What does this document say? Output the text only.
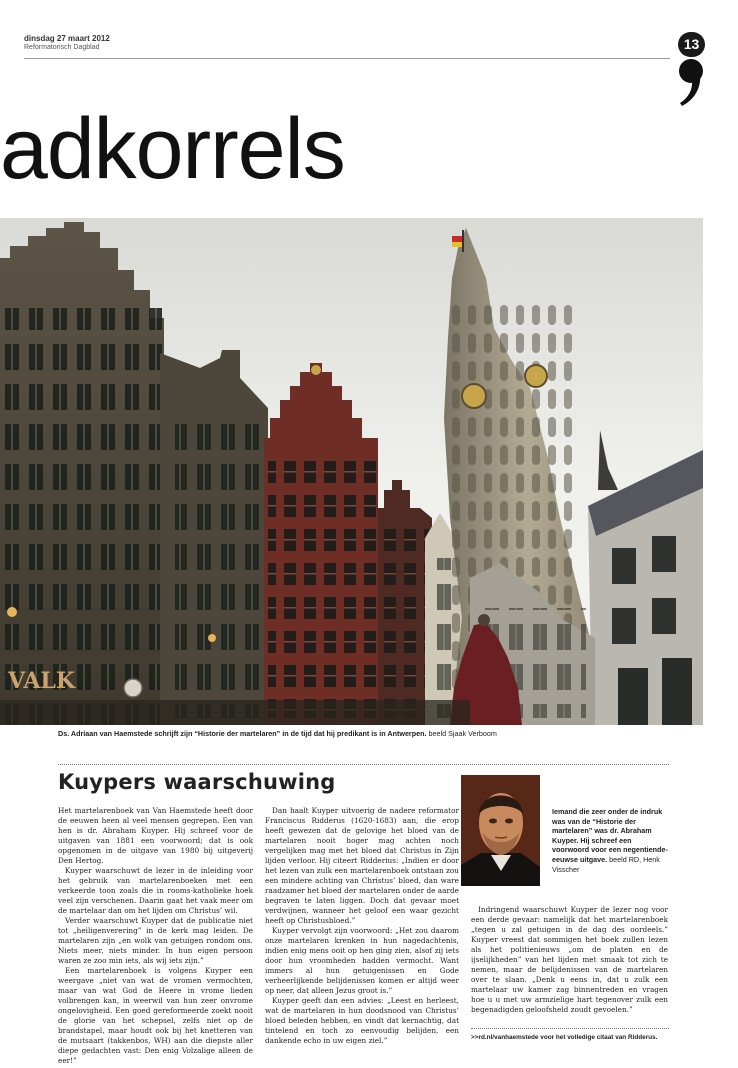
dinsdag 27 maart 2012
Reformatorisch Dagblad	13
adkorrels
VALK
Ds. Adriaan van Haemstede schrijft zijn “Historie der martelaren” in de tijd dat hij predikant is in Antwerpen. beeld Sjaak Verboom
Kuypers waarschuwing

Het martelarenboek van Van Haemstede heeft door de eeuwen heen al veel mensen gegrepen. Een van hen is dr. Abraham Kuyper. Hij schreef voor de uitgaven van 1881 een voorwoord; dat is ook opgenomen in de uitgave van 1980 bij uitgeverij Den Hertog.

Kuyper waarschuwt de lezer in de inleiding voor het gebruik van martelarenboeken met een verkeerde toon zoals die in rooms-katholieke hoek veel zijn verschenen. Daarin gaat het vaak meer om de martelaar dan om het lijden om Christus’ wil.

Verder waarschuwt Kuyper dat de publicatie niet tot „heiligenverering” in de kerk mag leiden. De martelaren zijn „en wolk van getuigen rondom ons. Niets meer, niets minder. In hun eigen persoon waren ze zoo min iets, als wij iets zijn.”

Een martelarenboek is volgens Kuyper een weergave „niet van wat de vromen vermochten, maar van wat God de Heere in vrome lieden volbrengen kan, in weerwil van hun zeer onvrome ongelovigheid. Een goed gereformeerde zoekt nooit de glorie van het schepsel, zelfs niet op de brandstapel, maar houdt ook bij het knetteren van de mutsaart (takkenbos, WH) aan die diepste aller diepe gedachten vast: Den enig Volzalige alleen de eer!”

Dan haalt Kuyper uitvoerig de nadere reformator Franciscus Ridderus (1620-1683) aan, die erop heeft gewezen dat de gelovige het bloed van de martelaren nooit hoger mag achten noch vergelijken mag met het bloed dat Christus in Zijn lijden verloor. Hij citeert Ridderius: „Indien er door het lezen van zulk een martelarenboek ontstaan zou een mindere achting van Christus’ bloed, dan ware raadzamer het bloed der martelaren onder de aarde begraven te laten liggen. Doch dat gevaar moet verdwijnen, wanneer het geloof een waar gezicht heeft op Christusbloed.”

Kuyper vervolgt zijn voorwoord: „Het zou daarom onze martelaren krenken in hun nagedachtenis, indien enig mens ooit op hen ging zien, alsof zij iets door hun vroomheden hadden vermocht. Want immers al hun getuigenissen en Gode verheerlijkende belijdenissen komen er altijd weer op neer, dat alleen Jezus groot is.”

Kuyper geeft dan een advies: „Leest en herleest, wat de martelaren in hun doodsnood van Christus’ bloed beleden hebben, en vindt dat kernachtig, dat tintelend en toch zo eenvoudig belijden, een dankende echo in uw eigen ziel.”

Iemand die zeer onder de indruk was van de “Historie der martelaren” was dr. Abraham Kuyper. Hij schreef een voorwoord voor een negentiende-eeuwse uitgave. beeld RD, Henk Visscher

Indringend waarschuwt Kuyper de lezer nog voor een derde gevaar: namelijk dat het martelarenboek „tegen u zal getuigen in de dag des oordeels.” Kuyper vreest dat sommigen het boek zullen lezen als het politienieuws „om de platen en de ijselijkheden” van het lijden met smaak tot zich te nemen, maar de belijdenissen van de martelaren over te slaan. „Denk u eens in, dat u zulk een martelaar uw kamer zag binnentreden en vragen hoe u u met uw armzielige hart tegenover zulk een begenadigden geloofsheld zoudt gevoelen.”

>>rd.nl/vanhaemstede voor het volledige citaat van Ridderus.
